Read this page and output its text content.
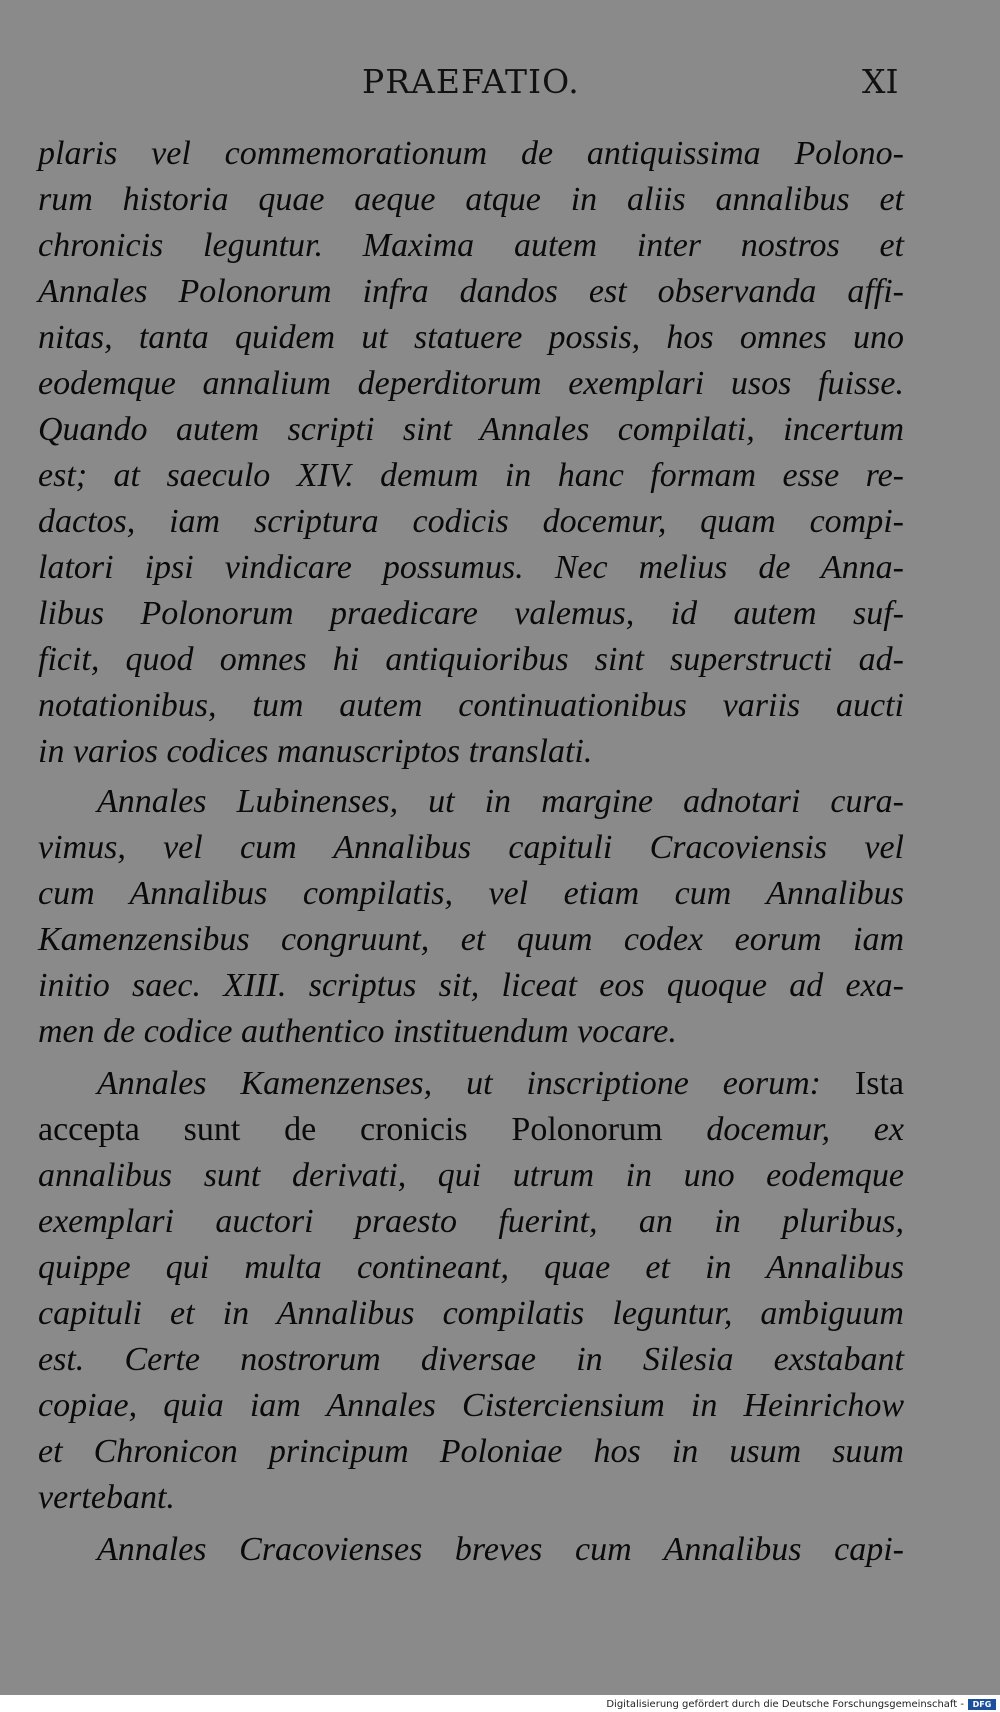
PRAEFATIO.	XI
plaris vel commemorationum de antiquissima Polono-
rum historia quae aeque atque in aliis annalibus et
chronicis leguntur. Maxima autem inter nostros et
Annales Polonorum infra dandos est observanda affi-
nitas, tanta quidem ut statuere possis, hos omnes uno
eodemque annalium deperditorum exemplari usos fuisse.
Quando autem scripti sint Annales compilati, incertum
est; at saeculo XIV. demum in hanc formam esse re-
dactos, iam scriptura codicis docemur, quam compi-
latori ipsi vindicare possumus. Nec melius de Anna-
libus Polonorum praedicare valemus, id autem suf-
ficit, quod omnes hi antiquioribus sint superstructi ad-
notationibus, tum autem continuationibus variis aucti
in varios codices manuscriptos translati.
Annales Lubinenses, ut in margine adnotari cura-
vimus, vel cum Annalibus capituli Cracoviensis vel
cum Annalibus compilatis, vel etiam cum Annalibus
Kamenzensibus congruunt, et quum codex eorum iam
initio saec. XIII. scriptus sit, liceat eos quoque ad exa-
men de codice authentico instituendum vocare.
Annales Kamenzenses, ut inscriptione eorum: Ista
accepta sunt de cronicis Polonorum docemur, ex
annalibus sunt derivati, qui utrum in uno eodemque
exemplari auctori praesto fuerint, an in pluribus,
quippe qui multa contineant, quae et in Annalibus
capituli et in Annalibus compilatis leguntur, ambiguum
est. Certe nostrorum diversae in Silesia exstabant
copiae, quia iam Annales Cisterciensium in Heinrichow
et Chronicon principum Poloniae hos in usum suum
vertebant.
Annales Cracovienses breves cum Annalibus capi-
Digitalisierung gefördert durch die Deutsche Forschungsgemeinschaft -	DFG
